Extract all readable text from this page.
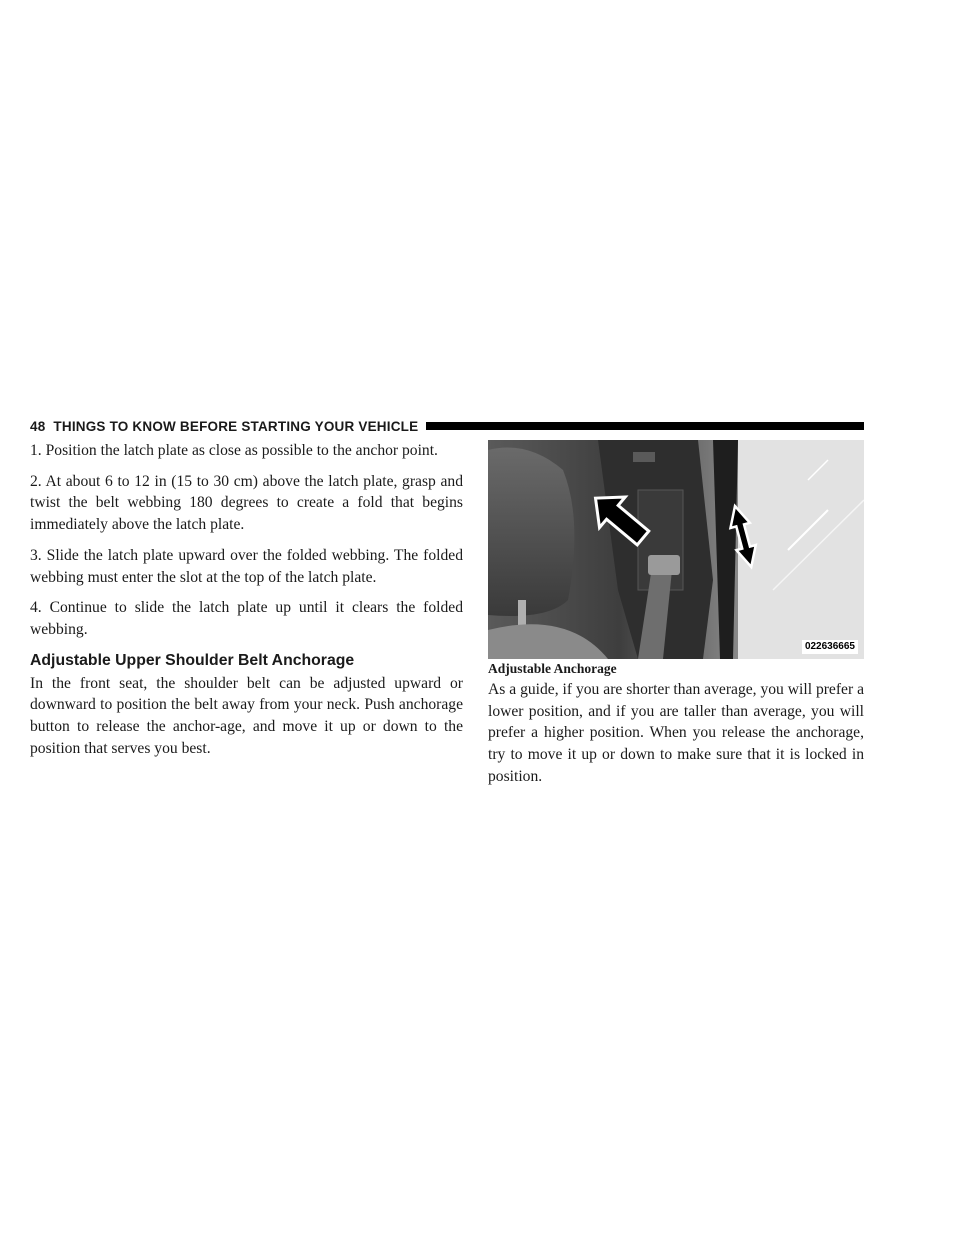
48 THINGS TO KNOW BEFORE STARTING YOUR VEHICLE

1. Position the latch plate as close as possible to the anchor point.

2. At about 6 to 12 in (15 to 30 cm) above the latch plate, grasp and twist the belt webbing 180 degrees to create a fold that begins immediately above the latch plate.

3. Slide the latch plate upward over the folded webbing. The folded webbing must enter the slot at the top of the latch plate.

4. Continue to slide the latch plate up until it clears the folded webbing.

Adjustable Upper Shoulder Belt Anchorage

In the front seat, the shoulder belt can be adjusted upward or downward to position the belt away from your neck. Push anchorage button to release the anchor-age, and move it up or down to the position that serves you best.

022636665

Adjustable Anchorage

As a guide, if you are shorter than average, you will prefer a lower position, and if you are taller than average, you will prefer a higher position. When you release the anchorage, try to move it up or down to make sure that it is locked in position.
